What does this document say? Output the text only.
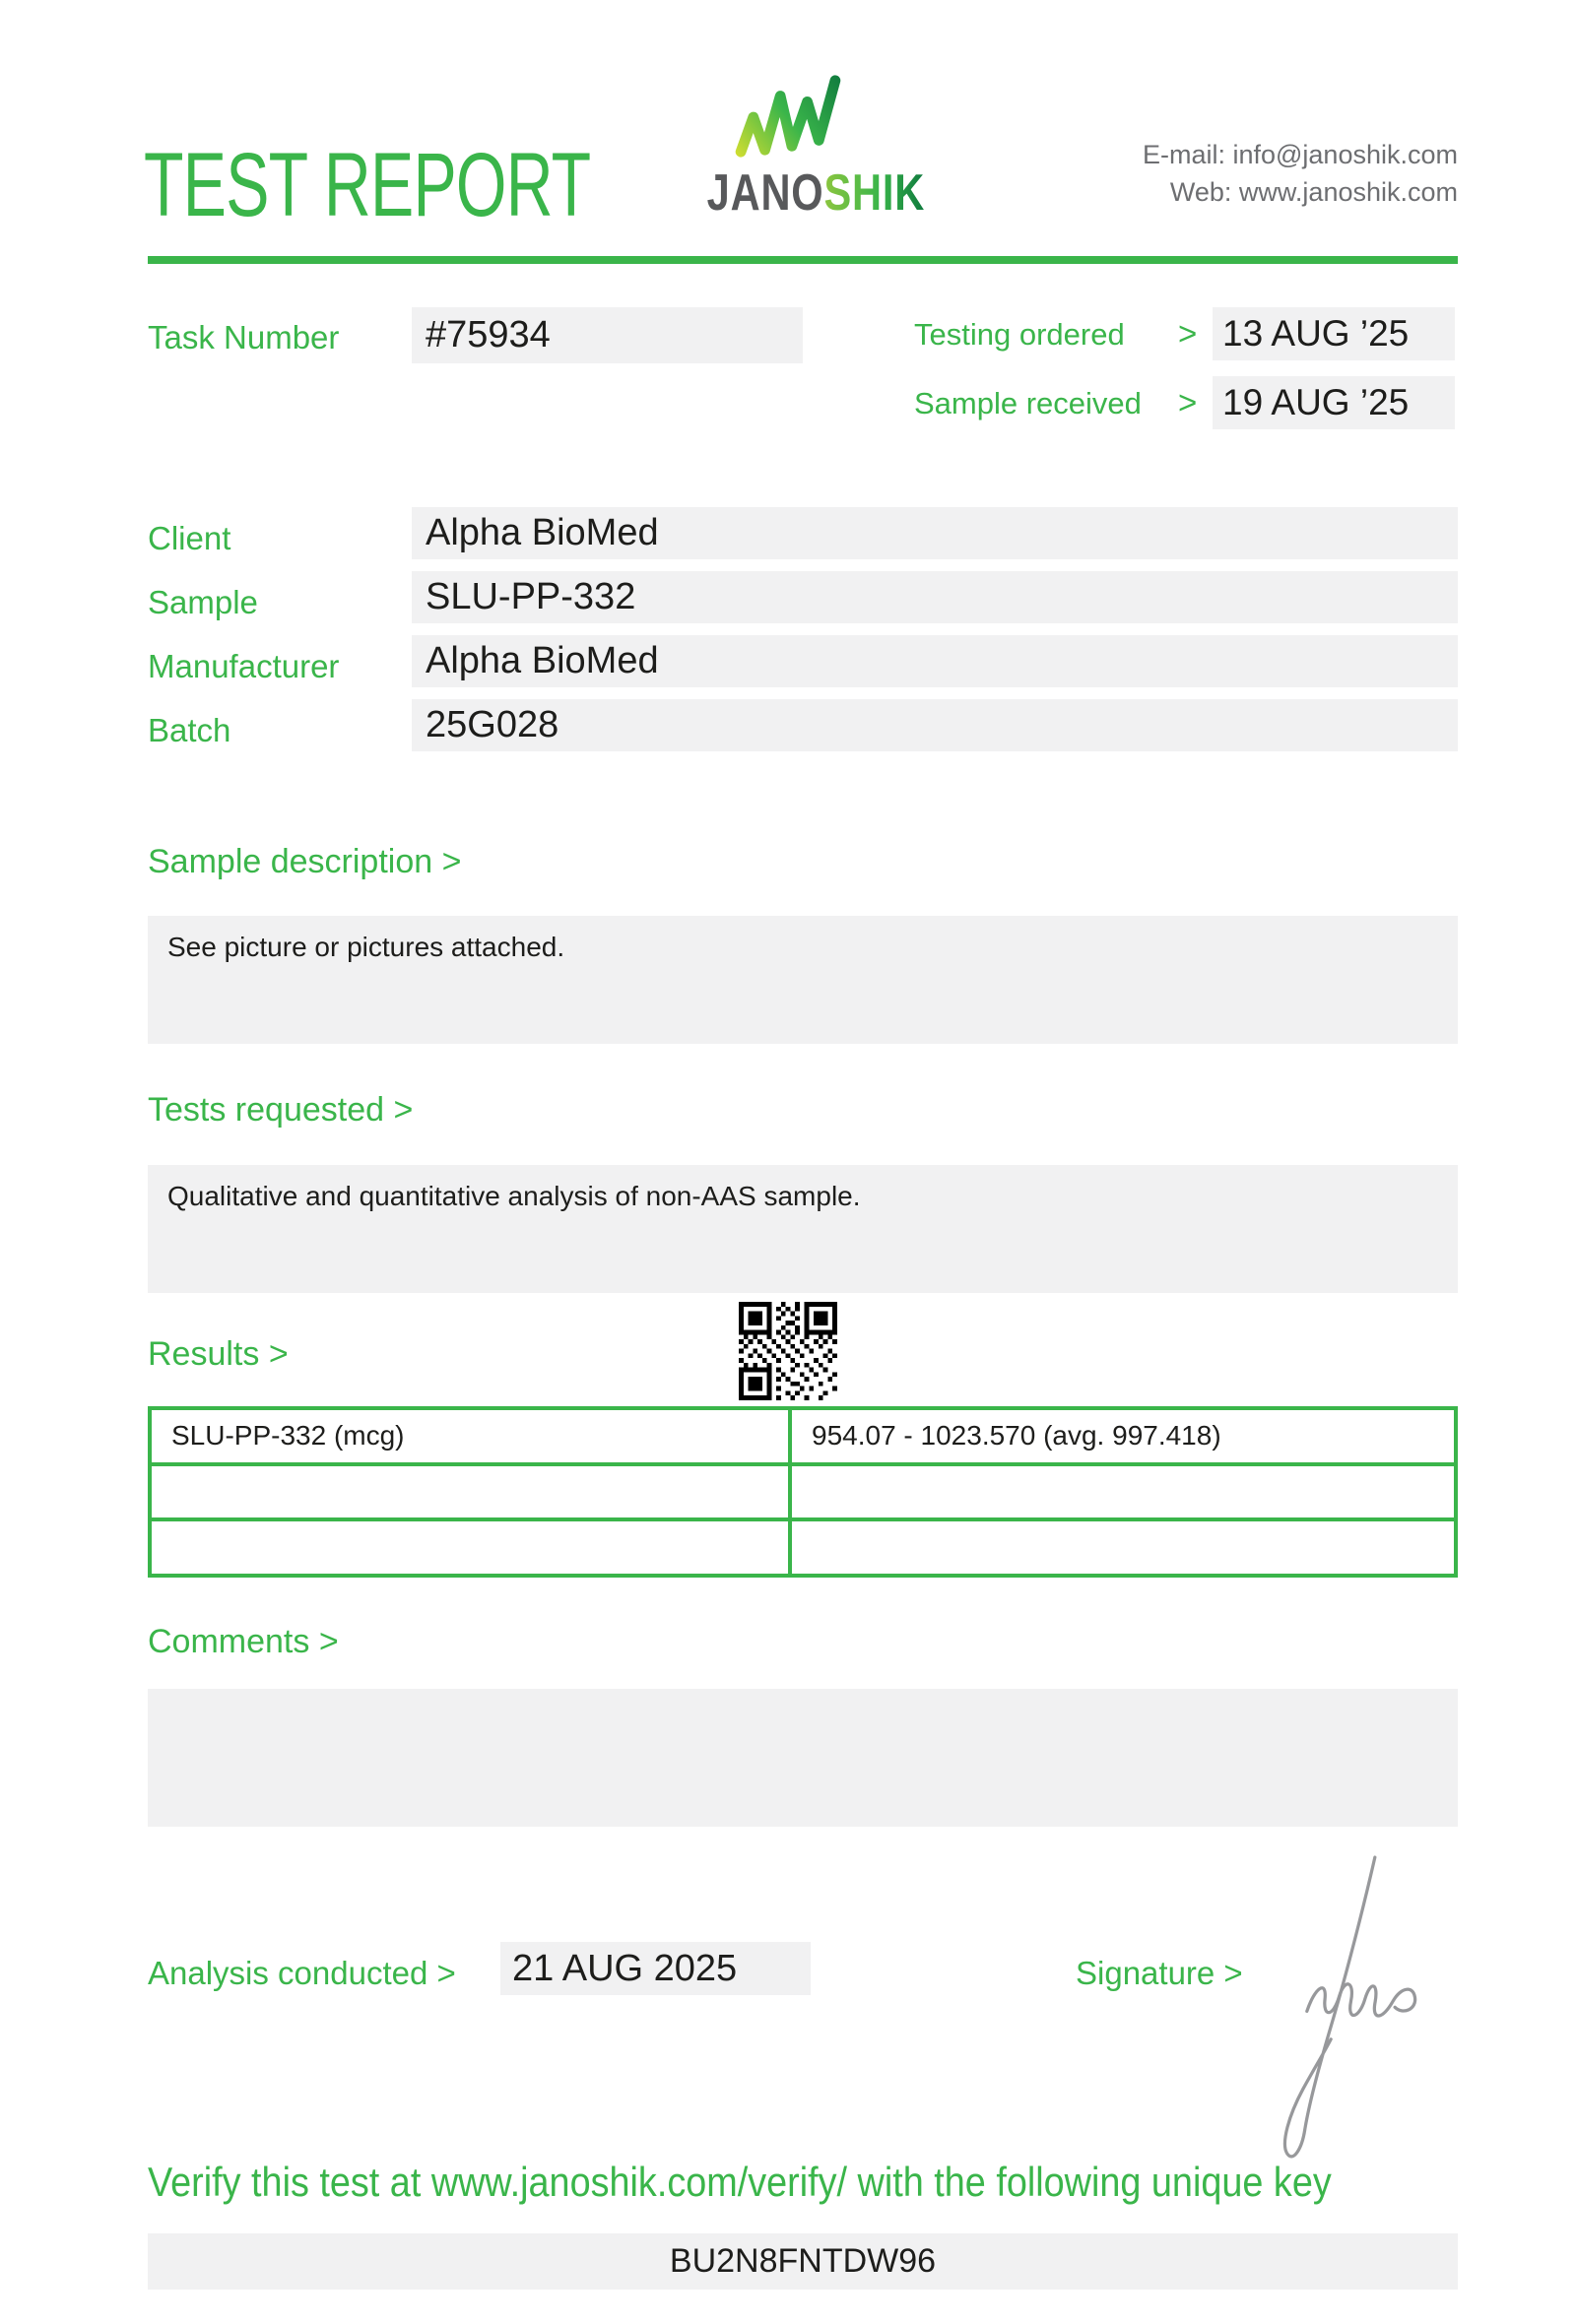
TEST REPORT	JANOSHIK
E-mail: info@janoshik.com
Web: www.janoshik.com
Task Number	#75934	Testing ordered > 13 AUG ’25
Sample received > 19 AUG ’25
Client	Alpha BioMed
Sample	SLU-PP-332
Manufacturer	Alpha BioMed
Batch	25G028
Sample description >
See picture or pictures attached.
Tests requested >
Qualitative and quantitative analysis of non-AAS sample.
Results >
SLU-PP-332 (mcg)	954.07 - 1023.570 (avg. 997.418)
Comments >
Analysis conducted >	21 AUG 2025	Signature >
Verify this test at www.janoshik.com/verify/ with the following unique key
BU2N8FNTDW96
